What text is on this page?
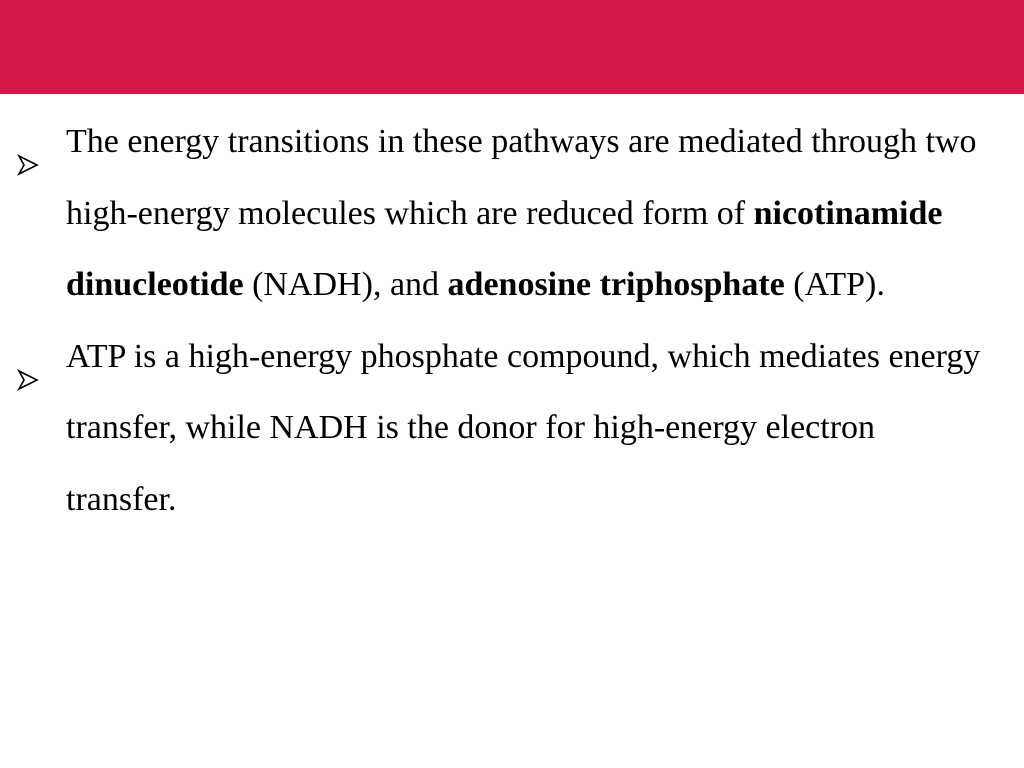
The energy transitions in these pathways are mediated through two high-energy molecules which are reduced form of nicotinamide dinucleotide (NADH), and adenosine triphosphate (ATP).
ATP is a high-energy phosphate compound, which mediates energy transfer, while NADH is the donor for high-energy electron transfer.
